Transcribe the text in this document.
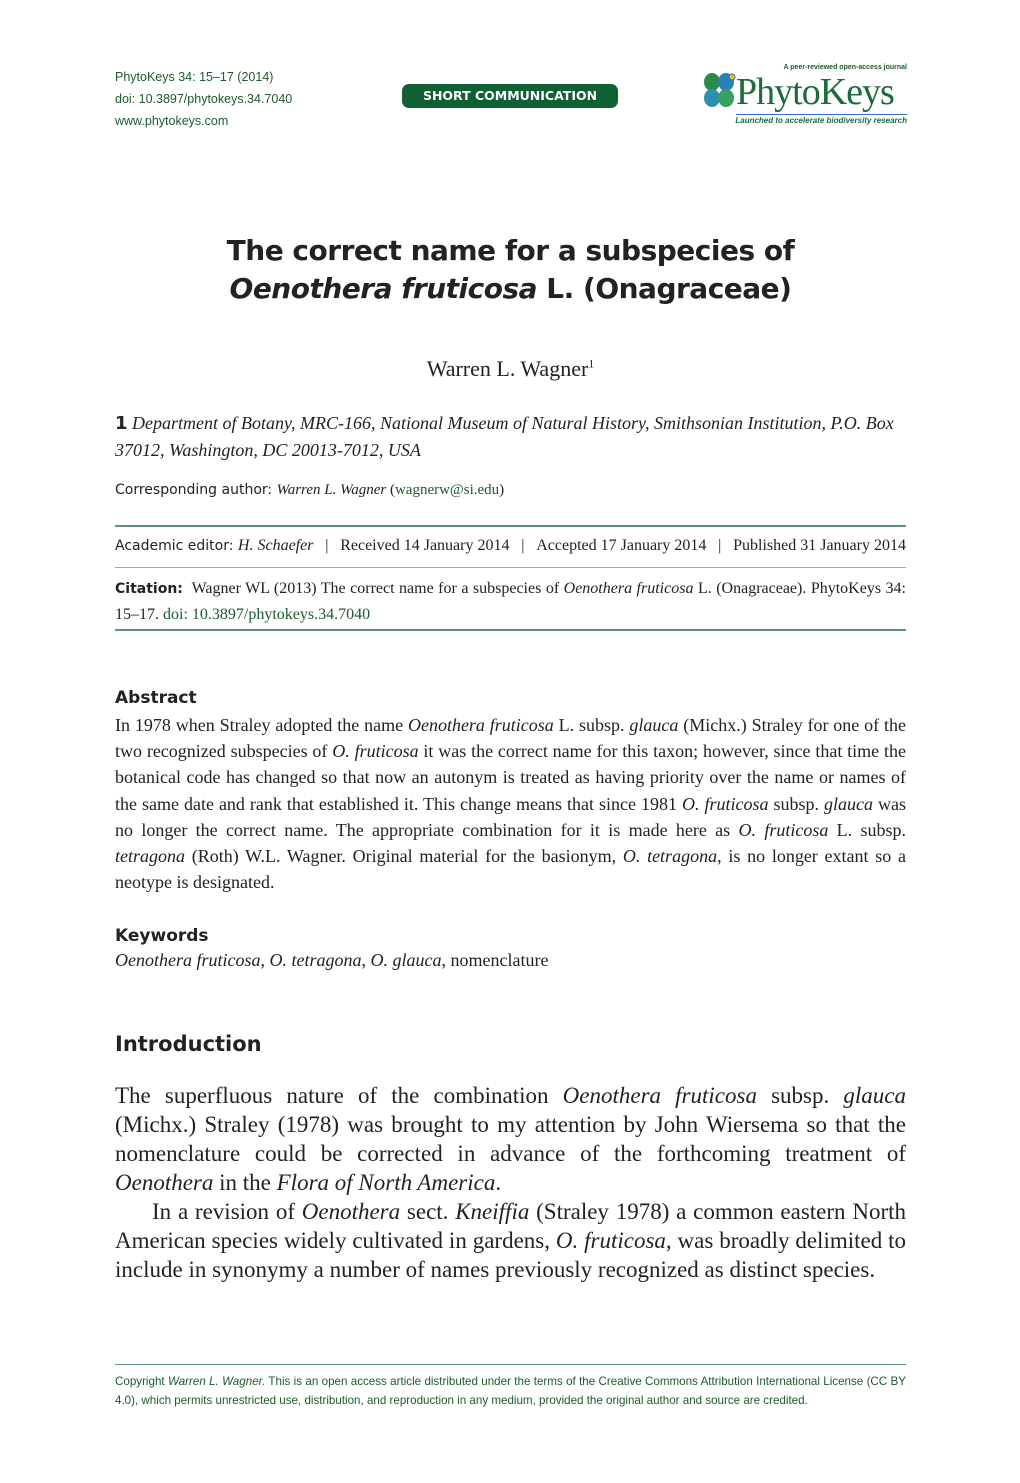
PhytoKeys 34: 15–17 (2014)
doi: 10.3897/phytokeys.34.7040
www.phytokeys.com
SHORT COMMUNICATION
A peer-reviewed open-access journal
PhytoKeys
Launched to accelerate biodiversity research
The correct name for a subspecies of
Oenothera fruticosa L. (Onagraceae)
Warren L. Wagner$^1$
1 Department of Botany, MRC-166, National Museum of Natural History, Smithsonian Institution, P.O. Box 37012, Washington, DC 20013-7012, USA
Corresponding author: Warren L. Wagner (wagnerw@si.edu)
Academic editor: H. Schaefer | Received 14 January 2014 | Accepted 17 January 2014 | Published 31 January 2014
Citation: Wagner WL (2013) The correct name for a subspecies of Oenothera fruticosa L. (Onagraceae). PhytoKeys 34: 15–17. doi: 10.3897/phytokeys.34.7040
Abstract
In 1978 when Straley adopted the name Oenothera fruticosa L. subsp. glauca (Michx.) Straley for one of the two recognized subspecies of O. fruticosa it was the correct name for this taxon; however, since that time the botanical code has changed so that now an autonym is treated as having priority over the name or names of the same date and rank that established it. This change means that since 1981 O. fruticosa subsp. glauca was no longer the correct name. The appropriate combination for it is made here as O. fruticosa L. subsp. tetragona (Roth) W.L. Wagner. Original material for the basionym, O. tetragona, is no longer extant so a neotype is designated.
Keywords
Oenothera fruticosa, O. tetragona, O. glauca, nomenclature
Introduction

The superfluous nature of the combination Oenothera fruticosa subsp. glauca (Michx.) Straley (1978) was brought to my attention by John Wiersema so that the nomenclature could be corrected in advance of the forthcoming treatment of Oenothera in the Flora of North America.

In a revision of Oenothera sect. Kneiffia (Straley 1978) a common eastern North American species widely cultivated in gardens, O. fruticosa, was broadly delimited to include in synonymy a number of names previously recognized as distinct species.

Copyright Warren L. Wagner. This is an open access article distributed under the terms of the Creative Commons Attribution International License (CC BY 4.0), which permits unrestricted use, distribution, and reproduction in any medium, provided the original author and source are credited.
